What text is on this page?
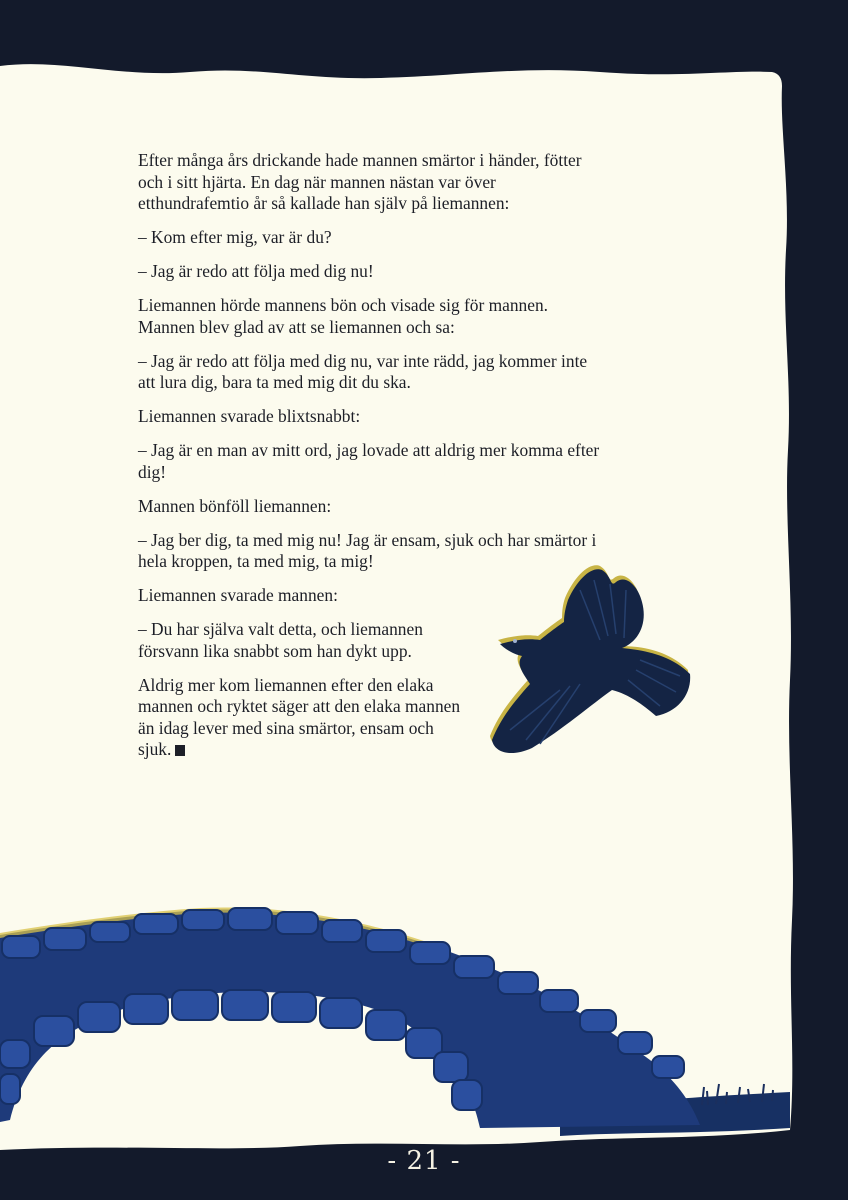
Efter många års drickande hade mannen smärtor i händer, fötter och i sitt hjärta. En dag när mannen nästan var över etthundrafemtio år så kallade han själv på liemannen:

– Kom efter mig, var är du?

– Jag är redo att följa med dig nu!

Liemannen hörde mannens bön och visade sig för mannen. Mannen blev glad av att se liemannen och sa:

– Jag är redo att följa med dig nu, var inte rädd, jag kommer inte att lura dig, bara ta med mig dit du ska.

Liemannen svarade blixtsnabbt:

– Jag är en man av mitt ord, jag lovade att aldrig mer komma efter dig!

Mannen bönföll liemannen:

– Jag ber dig, ta med mig nu! Jag är ensam, sjuk och har smärtor i hela kroppen, ta med mig, ta mig!

Liemannen svarade mannen:

– Du har själva valt detta, och liemannen försvann lika snabbt som han dykt upp.

Aldrig mer kom liemannen efter den elaka mannen och ryktet säger att den elaka mannen än idag lever med sina smärtor, ensam och sjuk.

- 21 -
